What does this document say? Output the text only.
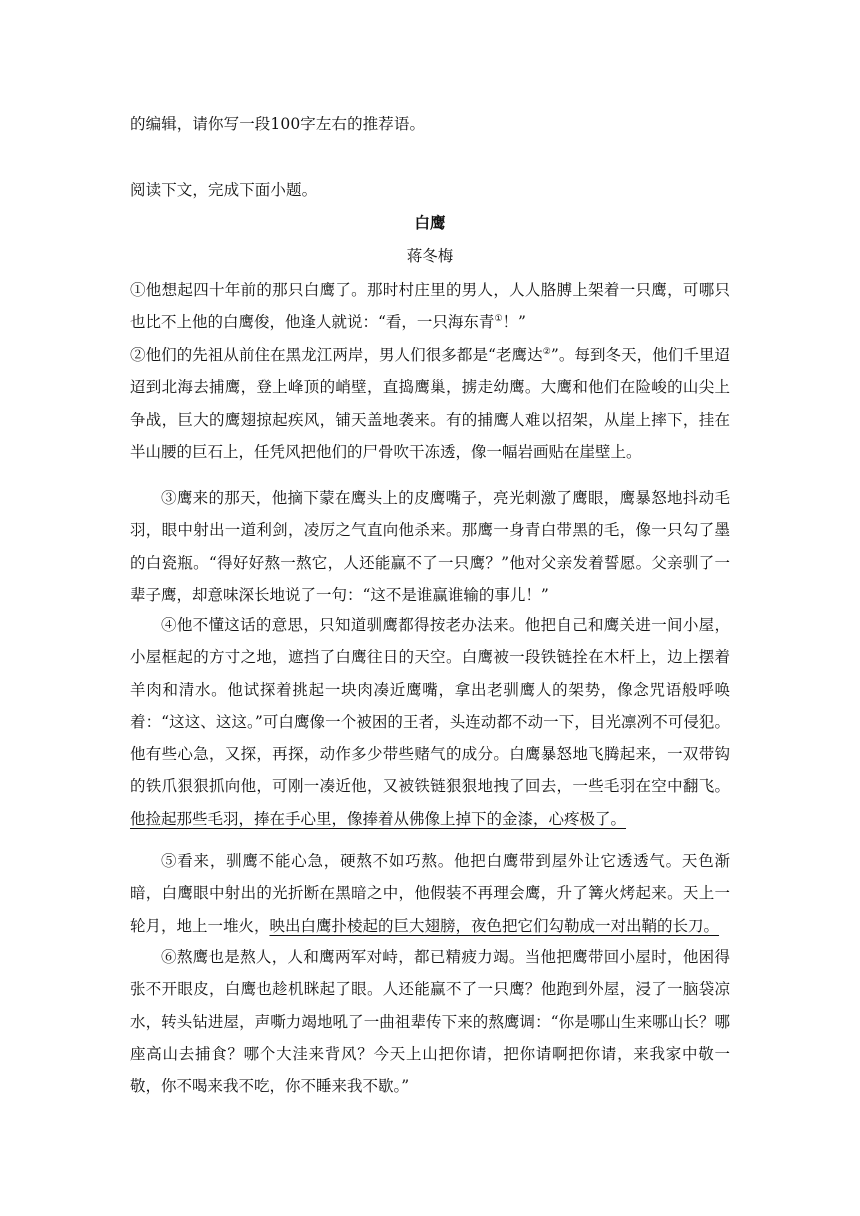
的编辑，请你写一段100字左右的推荐语。
阅读下文，完成下面小题。
白鹰
蒋冬梅

①他想起四十年前的那只白鹰了。那时村庄里的男人，人人胳膊上架着一只鹰，可哪只也比不上他的白鹰俊，他逢人就说：“看，一只海东青①！”

②他们的先祖从前住在黑龙江两岸，男人们很多都是“老鹰达②”。每到冬天，他们千里迢迢到北海去捕鹰，登上峰顶的峭壁，直捣鹰巢，掳走幼鹰。大鹰和他们在险峻的山尖上争战，巨大的鹰翅掠起疾风，铺天盖地袭来。有的捕鹰人难以招架，从崖上摔下，挂在半山腰的巨石上，任凭风把他们的尸骨吹干冻透，像一幅岩画贴在崖壁上。

③鹰来的那天，他摘下蒙在鹰头上的皮鹰嘴子，亮光刺激了鹰眼，鹰暴怒地抖动毛羽，眼中射出一道利剑，凌厉之气直向他杀来。那鹰一身青白带黑的毛，像一只勾了墨的白瓷瓶。“得好好熬一熬它，人还能赢不了一只鹰？”他对父亲发着誓愿。父亲驯了一辈子鹰，却意味深长地说了一句：“这不是谁赢谁输的事儿！”

④他不懂这话的意思，只知道驯鹰都得按老办法来。他把自己和鹰关进一间小屋，小屋框起的方寸之地，遮挡了白鹰往日的天空。白鹰被一段铁链拴在木杆上，边上摆着羊肉和清水。他试探着挑起一块肉凑近鹰嘴，拿出老驯鹰人的架势，像念咒语般呼唤着：“这这、这这。”可白鹰像一个被困的王者，头连动都不动一下，目光凛冽不可侵犯。他有些心急，又探，再探，动作多少带些赌气的成分。白鹰暴怒地飞腾起来，一双带钩的铁爪狠狠抓向他，可刚一凑近他，又被铁链狠狠地拽了回去，一些毛羽在空中翻飞。他捡起那些毛羽，捧在手心里，像捧着从佛像上掉下的金漆，心疼极了。

⑤看来，驯鹰不能心急，硬熬不如巧熬。他把白鹰带到屋外让它透透气。天色渐暗，白鹰眼中射出的光折断在黑暗之中，他假装不再理会鹰，升了篝火烤起来。天上一轮月，地上一堆火，映出白鹰扑棱起的巨大翅膀，夜色把它们勾勒成一对出鞘的长刀。

⑥熬鹰也是熬人，人和鹰两军对峙，都已精疲力竭。当他把鹰带回小屋时，他困得张不开眼皮，白鹰也趁机眯起了眼。人还能赢不了一只鹰？他跑到外屋，浸了一脑袋凉水，转头钻进屋，声嘶力竭地吼了一曲祖辈传下来的熬鹰调：“你是哪山生来哪山长？哪座高山去捕食？哪个大洼来背风？今天上山把你请，把你请啊把你请，来我家中敬一敬，你不喝来我不吃，你不睡来我不歇。”
